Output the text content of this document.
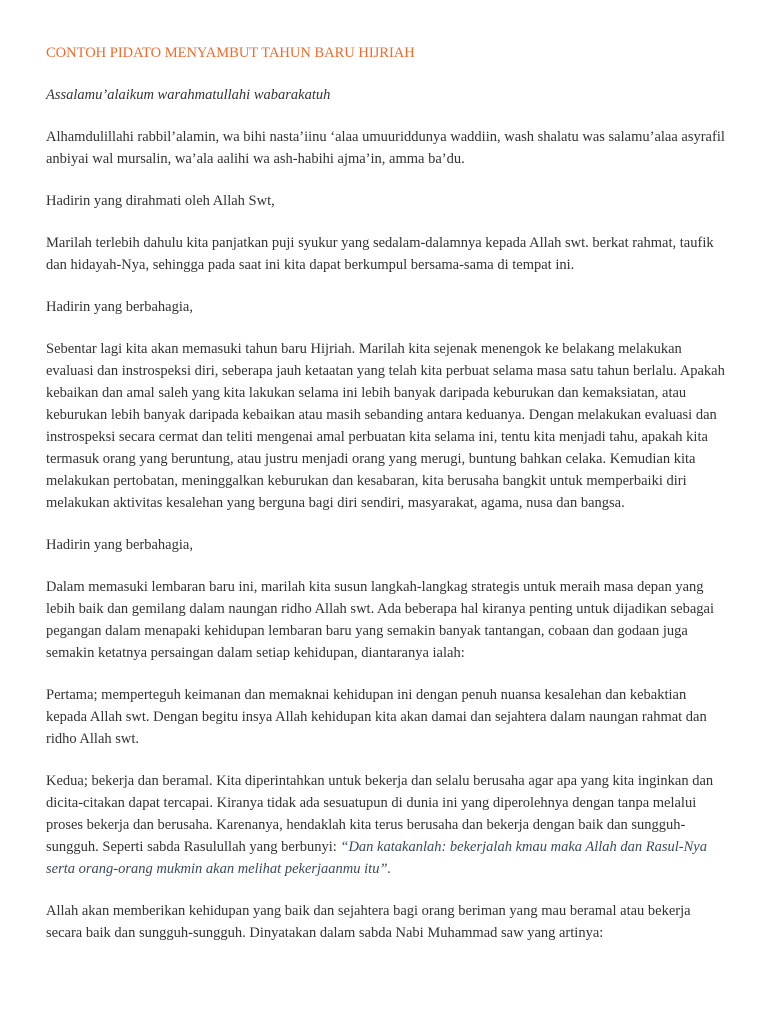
CONTOH PIDATO MENYAMBUT TAHUN BARU HIJRIAH
Assalamu’alaikum warahmatullahi wabarakatuh
Alhamdulillahi rabbil’alamin, wa bihi nasta’iinu ‘alaa umuuriddunya waddiin, wash shalatu was salamu’alaa asyrafil anbiyai wal mursalin, wa’ala aalihi wa ash-habihi ajma’in, amma ba’du.
Hadirin yang dirahmati oleh Allah Swt,
Marilah terlebih dahulu kita panjatkan puji syukur yang sedalam-dalamnya kepada Allah swt. berkat rahmat, taufik dan hidayah-Nya, sehingga pada saat ini kita dapat berkumpul bersama-sama di tempat ini.
Hadirin yang berbahagia,
Sebentar lagi kita akan memasuki tahun baru Hijriah. Marilah kita sejenak menengok ke belakang melakukan evaluasi dan instrospeksi diri, seberapa jauh ketaatan yang telah kita perbuat selama masa satu tahun berlalu. Apakah kebaikan dan amal saleh yang kita lakukan selama ini lebih banyak daripada keburukan dan kemaksiatan, atau keburukan lebih banyak daripada kebaikan atau masih sebanding antara keduanya. Dengan melakukan evaluasi dan instrospeksi secara cermat dan teliti mengenai amal perbuatan kita selama ini, tentu kita menjadi tahu, apakah kita termasuk orang yang beruntung, atau justru menjadi orang yang merugi, buntung bahkan celaka. Kemudian kita melakukan pertobatan, meninggalkan keburukan dan kesabaran, kita berusaha bangkit untuk memperbaiki diri melakukan aktivitas kesalehan yang berguna bagi diri sendiri, masyarakat, agama, nusa dan bangsa.
Hadirin yang berbahagia,
Dalam memasuki lembaran baru ini, marilah kita susun langkah-langkag strategis untuk meraih masa depan yang lebih baik dan gemilang dalam naungan ridho Allah swt. Ada beberapa hal kiranya penting untuk dijadikan sebagai pegangan dalam menapaki kehidupan lembaran baru yang semakin banyak tantangan, cobaan dan godaan juga semakin ketatnya persaingan dalam setiap kehidupan, diantaranya ialah:
Pertama; memperteguh keimanan dan memaknai kehidupan ini dengan penuh nuansa kesalehan dan kebaktian kepada Allah swt. Dengan begitu insya Allah kehidupan kita akan damai dan sejahtera dalam naungan rahmat dan ridho Allah swt.
Kedua; bekerja dan beramal. Kita diperintahkan untuk bekerja dan selalu berusaha agar apa yang kita inginkan dan dicita-citakan dapat tercapai. Kiranya tidak ada sesuatupun di dunia ini yang diperolehnya dengan tanpa melalui proses bekerja dan berusaha. Karenanya, hendaklah kita terus berusaha dan bekerja dengan baik dan sungguh-sungguh. Seperti sabda Rasulullah yang berbunyi: “Dan katakanlah: bekerjalah kmau maka Allah dan Rasul-Nya serta orang-orang mukmin akan melihat pekerjaanmu itu”.
Allah akan memberikan kehidupan yang baik dan sejahtera bagi orang beriman yang mau beramal atau bekerja secara baik dan sungguh-sungguh. Dinyatakan dalam sabda Nabi Muhammad saw yang artinya:
